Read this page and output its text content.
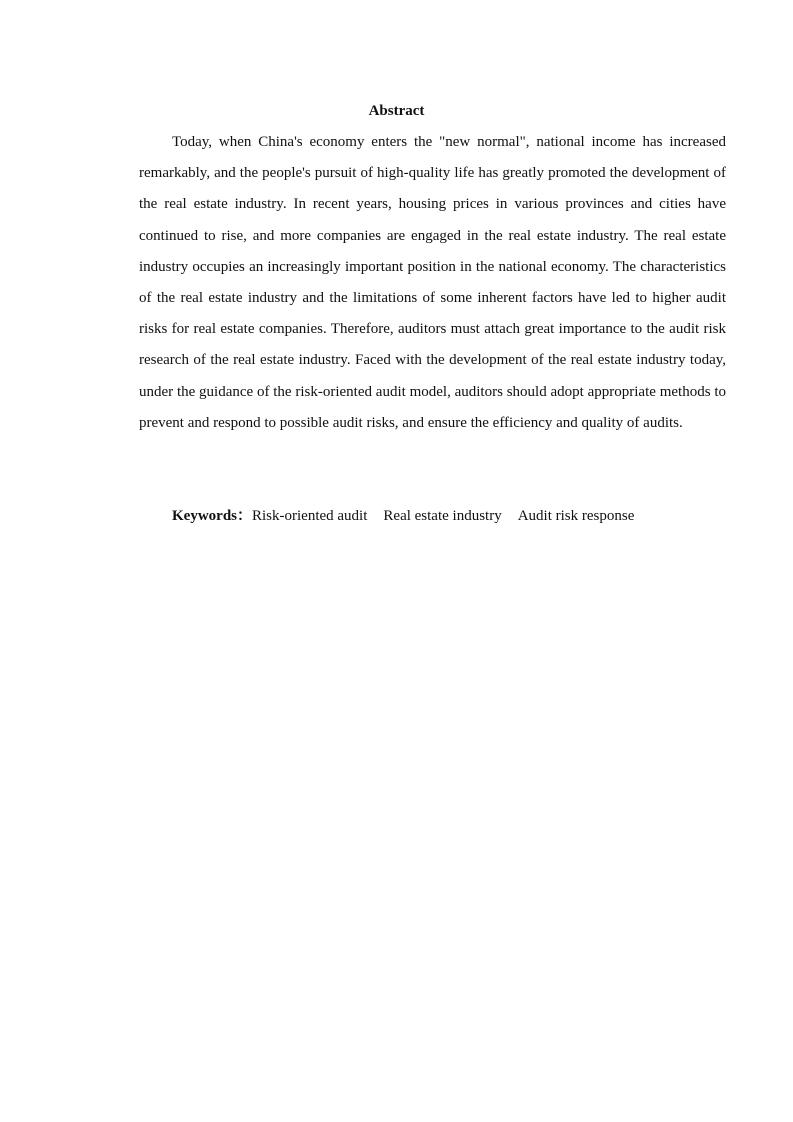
Abstract

Today, when China's economy enters the "new normal", national income has increased remarkably, and the people's pursuit of high-quality life has greatly promoted the development of the real estate industry. In recent years, housing prices in various provinces and cities have continued to rise, and more companies are engaged in the real estate industry. The real estate industry occupies an increasingly important position in the national economy. The characteristics of the real estate industry and the limitations of some inherent factors have led to higher audit risks for real estate companies. Therefore, auditors must attach great importance to the audit risk research of the real estate industry. Faced with the development of the real estate industry today, under the guidance of the risk-oriented audit model, auditors should adopt appropriate methods to prevent and respond to possible audit risks, and ensure the efficiency and quality of audits.

Keywords：Risk-oriented audit Real estate industry Audit risk response
